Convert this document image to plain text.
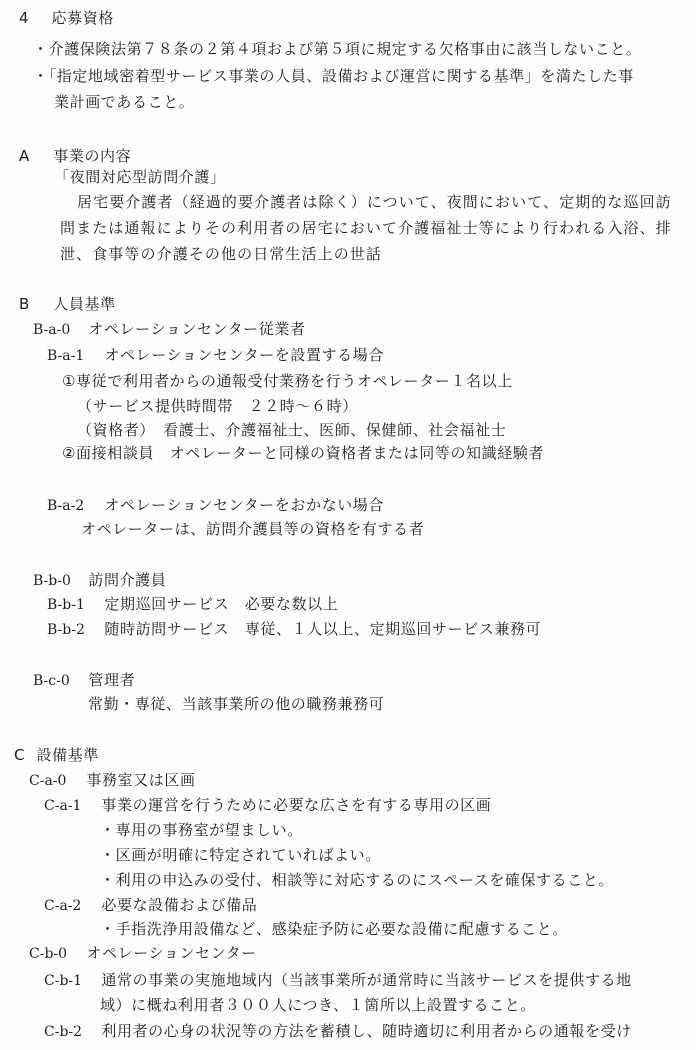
4 応募資格
・介護保険法第７８条の２第４項および第５項に規定する欠格事由に該当しないこと。
・「指定地域密着型サービス事業の人員、設備および運営に関する基準」を満たした事
業計画であること。
A 事業の内容
「夜間対応型訪問介護」
居宅要介護者（経過的要介護者は除く）について、夜間において、定期的な巡回訪
問または通報によりその利用者の居宅において介護福祉士等により行われる入浴、排
泄、食事等の介護その他の日常生活上の世話
B 人員基準
B-a-0 オペレーションセンター従業者
B-a-1 オペレーションセンターを設置する場合
①専従で利用者からの通報受付業務を行うオペレーター１名以上
（サービス提供時間帯　２２時～６時）
（資格者）　看護士、介護福祉士、医師、保健師、社会福祉士
②面接相談員　オペレーターと同様の資格者または同等の知識経験者
B-a-2 オペレーションセンターをおかない場合
オペレーターは、訪問介護員等の資格を有する者
B-b-0 訪問介護員
B-b-1 定期巡回サービス　必要な数以上
B-b-2 随時訪問サービス　専従、１人以上、定期巡回サービス兼務可
B-c-0 管理者
常勤・専従、当該事業所の他の職務兼務可
C 設備基準
C-a-0 事務室又は区画
C-a-1 事業の運営を行うために必要な広さを有する専用の区画
・専用の事務室が望ましい。
・区画が明確に特定されていればよい。
・利用の申込みの受付、相談等に対応するのにスペースを確保すること。
C-a-2 必要な設備および備品
・手指洗浄用設備など、感染症予防に必要な設備に配慮すること。
C-b-0 オペレーションセンター
C-b-1 通常の事業の実施地域内（当該事業所が通常時に当該サービスを提供する地
域）に概ね利用者３００人につき、１箇所以上設置すること。
C-b-2 利用者の心身の状況等の方法を蓄積し、随時適切に利用者からの通報を受け
